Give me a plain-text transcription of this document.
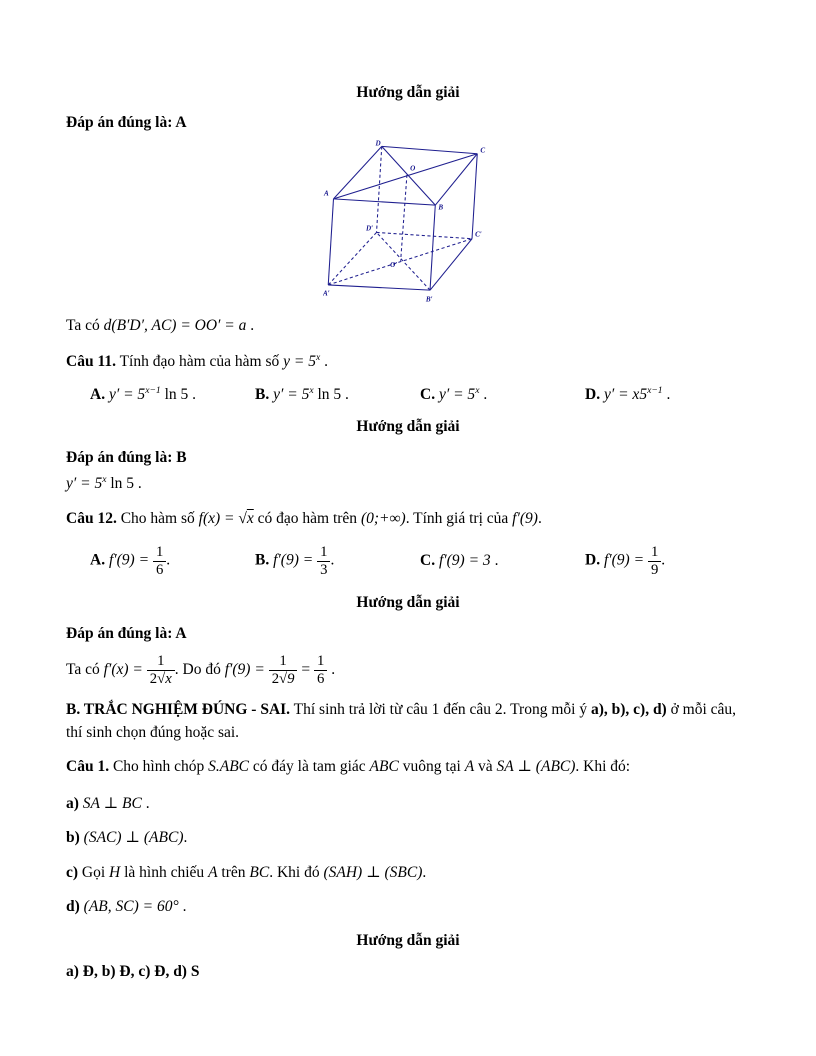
Hướng dẫn giải

Đáp án đúng là: A

D
C
A
B
O
D′
C′
O′
A′
B′

Ta có d(B′D′, AC) = OO′ = a .

Câu 11. Tính đạo hàm của hàm số $y = 5^x$ .

A. $y' = 5^{x-1}$ ln 5 .	B. $y' = 5^x$ ln 5 .	C. $y' = 5^x$ .	D. $y' = x5^{x-1}$ .

Hướng dẫn giải

Đáp án đúng là: B

$y' = 5^x$ ln 5 .

Câu 12. Cho hàm số f(x) = √x có đạo hàm trên (0;+∞). Tính giá trị của f′(9).

A. $f'(9) = \frac{1}{6}$ .	B. $f'(9) = \frac{1}{3}$ .	C. f′(9) = 3 .	D. $f'(9) = \frac{1}{9}$ .

Hướng dẫn giải

Đáp án đúng là: A

Ta có $f'(x) = \frac{1}{2√x}$ . Do đó $f'(9) = \frac{1}{2√9} = \frac{1}{6}$ .

B. TRẮC NGHIỆM ĐÚNG - SAI. Thí sinh trả lời từ câu 1 đến câu 2. Trong mỗi ý a), b), c), d) ở mỗi câu, thí sinh chọn đúng hoặc sai.

Câu 1. Cho hình chóp S.ABC có đáy là tam giác ABC vuông tại A và SA ⊥ (ABC). Khi đó:

a) SA ⊥ BC .

b) (SAC) ⊥ (ABC).

c) Gọi H là hình chiếu A trên BC. Khi đó (SAH) ⊥ (SBC).

d) (AB, SC) = 60° .

Hướng dẫn giải

a) Đ, b) Đ, c) Đ, d) S
